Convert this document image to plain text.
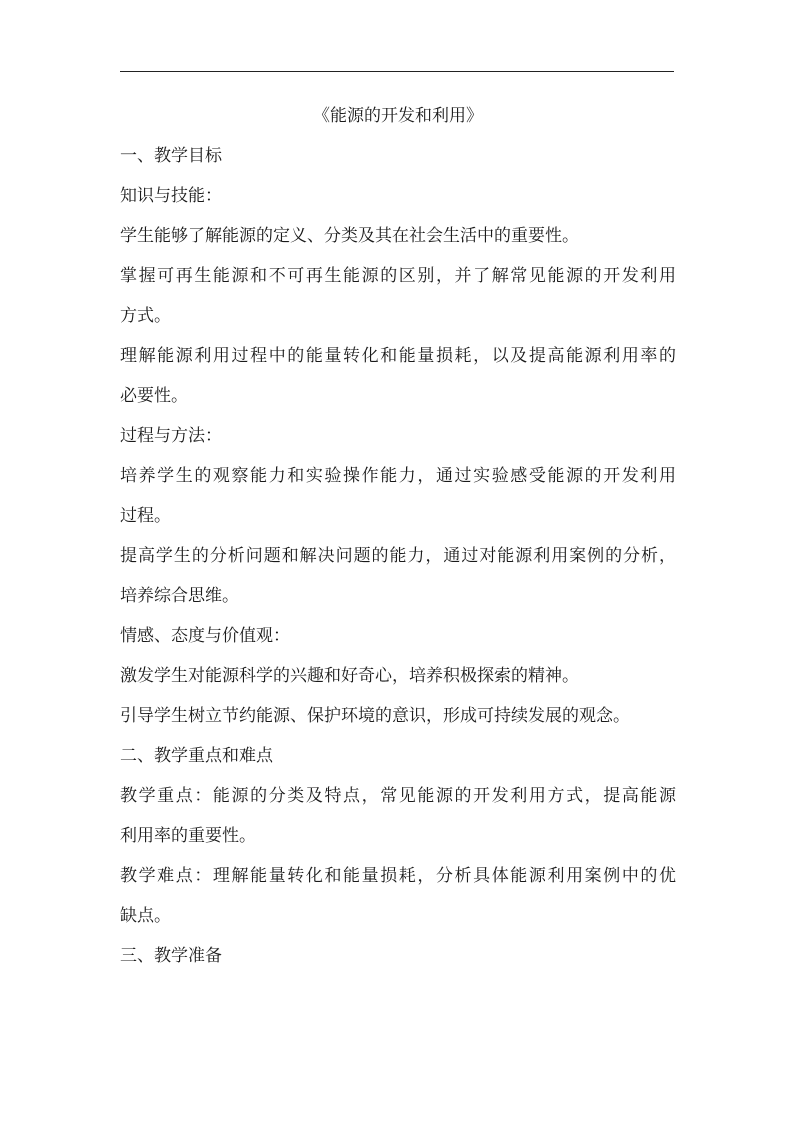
《能源的开发和利用》

一、教学目标

知识与技能：

学生能够了解能源的定义、分类及其在社会生活中的重要性。

掌握可再生能源和不可再生能源的区别，并了解常见能源的开发利用
方式。

理解能源利用过程中的能量转化和能量损耗，以及提高能源利用率的
必要性。

过程与方法：

培养学生的观察能力和实验操作能力，通过实验感受能源的开发利用
过程。

提高学生的分析问题和解决问题的能力，通过对能源利用案例的分析，
培养综合思维。

情感、态度与价值观：

激发学生对能源科学的兴趣和好奇心，培养积极探索的精神。

引导学生树立节约能源、保护环境的意识，形成可持续发展的观念。

二、教学重点和难点

教学重点：能源的分类及特点，常见能源的开发利用方式，提高能源
利用率的重要性。

教学难点：理解能量转化和能量损耗，分析具体能源利用案例中的优
缺点。

三、教学准备
